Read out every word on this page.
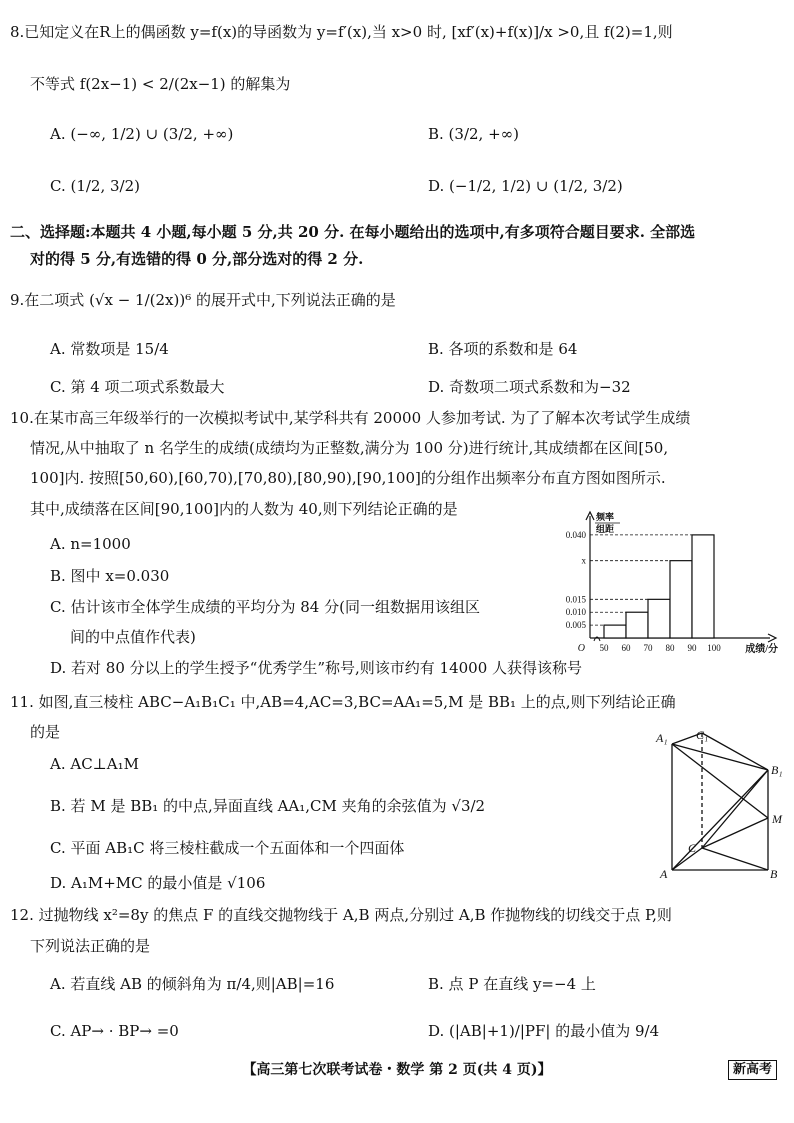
8.已知定义在R上的偶函数 y=f(x)的导函数为 y=f′(x),当 x>0 时, [xf′(x)+f(x)]/x >0,且 f(2)=1,则
不等式 f(2x−1) < 2/(2x−1) 的解集为
A. (−∞, 1/2) ∪ (3/2, +∞)	B. (3/2, +∞)
C. (1/2, 3/2)	D. (−1/2, 1/2) ∪ (1/2, 3/2)
二、选择题:本题共 4 小题,每小题 5 分,共 20 分. 在每小题给出的选项中,有多项符合题目要求. 全部选
对的得 5 分,有选错的得 0 分,部分选对的得 2 分.
9.在二项式 (√x − 1/(2x))⁶ 的展开式中,下列说法正确的是
A. 常数项是 15/4	B. 各项的系数和是 64
C. 第 4 项二项式系数最大	D. 奇数项二项式系数和为−32
10.在某市高三年级举行的一次模拟考试中,某学科共有 20000 人参加考试. 为了了解本次考试学生成绩
情况,从中抽取了 n 名学生的成绩(成绩均为正整数,满分为 100 分)进行统计,其成绩都在区间[50,
100]内. 按照[50,60),[60,70),[70,80),[80,90),[90,100]的分组作出频率分布直方图如图所示.
其中,成绩落在区间[90,100]内的人数为 40,则下列结论正确的是
A. n=1000
B. 图中 x=0.030
C. 估计该市全体学生成绩的平均分为 84 分(同一组数据用该组区
间的中点值作代表)
D. 若对 80 分以上的学生授予“优秀学生”称号,则该市约有 14000 人获得该称号
0.005
0.010
0.015
x
0.040
50 60 70 80 90 100
O
频率
组距
成绩/分
11. 如图,直三棱柱 ABC−A₁B₁C₁ 中,AB=4,AC=3,BC=AA₁=5,M 是 BB₁ 上的点,则下列结论正确
的是
A. AC⊥A₁M
B. 若 M 是 BB₁ 的中点,异面直线 AA₁,CM 夹角的余弦值为 √3/2
C. 平面 AB₁C 将三棱柱截成一个五面体和一个四面体
D. A₁M+MC 的最小值是 √106
C₁
A₁
B₁
M
C
A	B
12. 过抛物线 x²=8y 的焦点 F 的直线交抛物线于 A,B 两点,分别过 A,B 作抛物线的切线交于点 P,则
下列说法正确的是
A. 若直线 AB 的倾斜角为 π/4,则|AB|=16	B. 点 P 在直线 y=−4 上
C. AP→ · BP→ =0	D. (|AB|+1)/|PF| 的最小值为 9/4
【高三第七次联考试卷・数学 第 2 页(共 4 页)】	新高考
